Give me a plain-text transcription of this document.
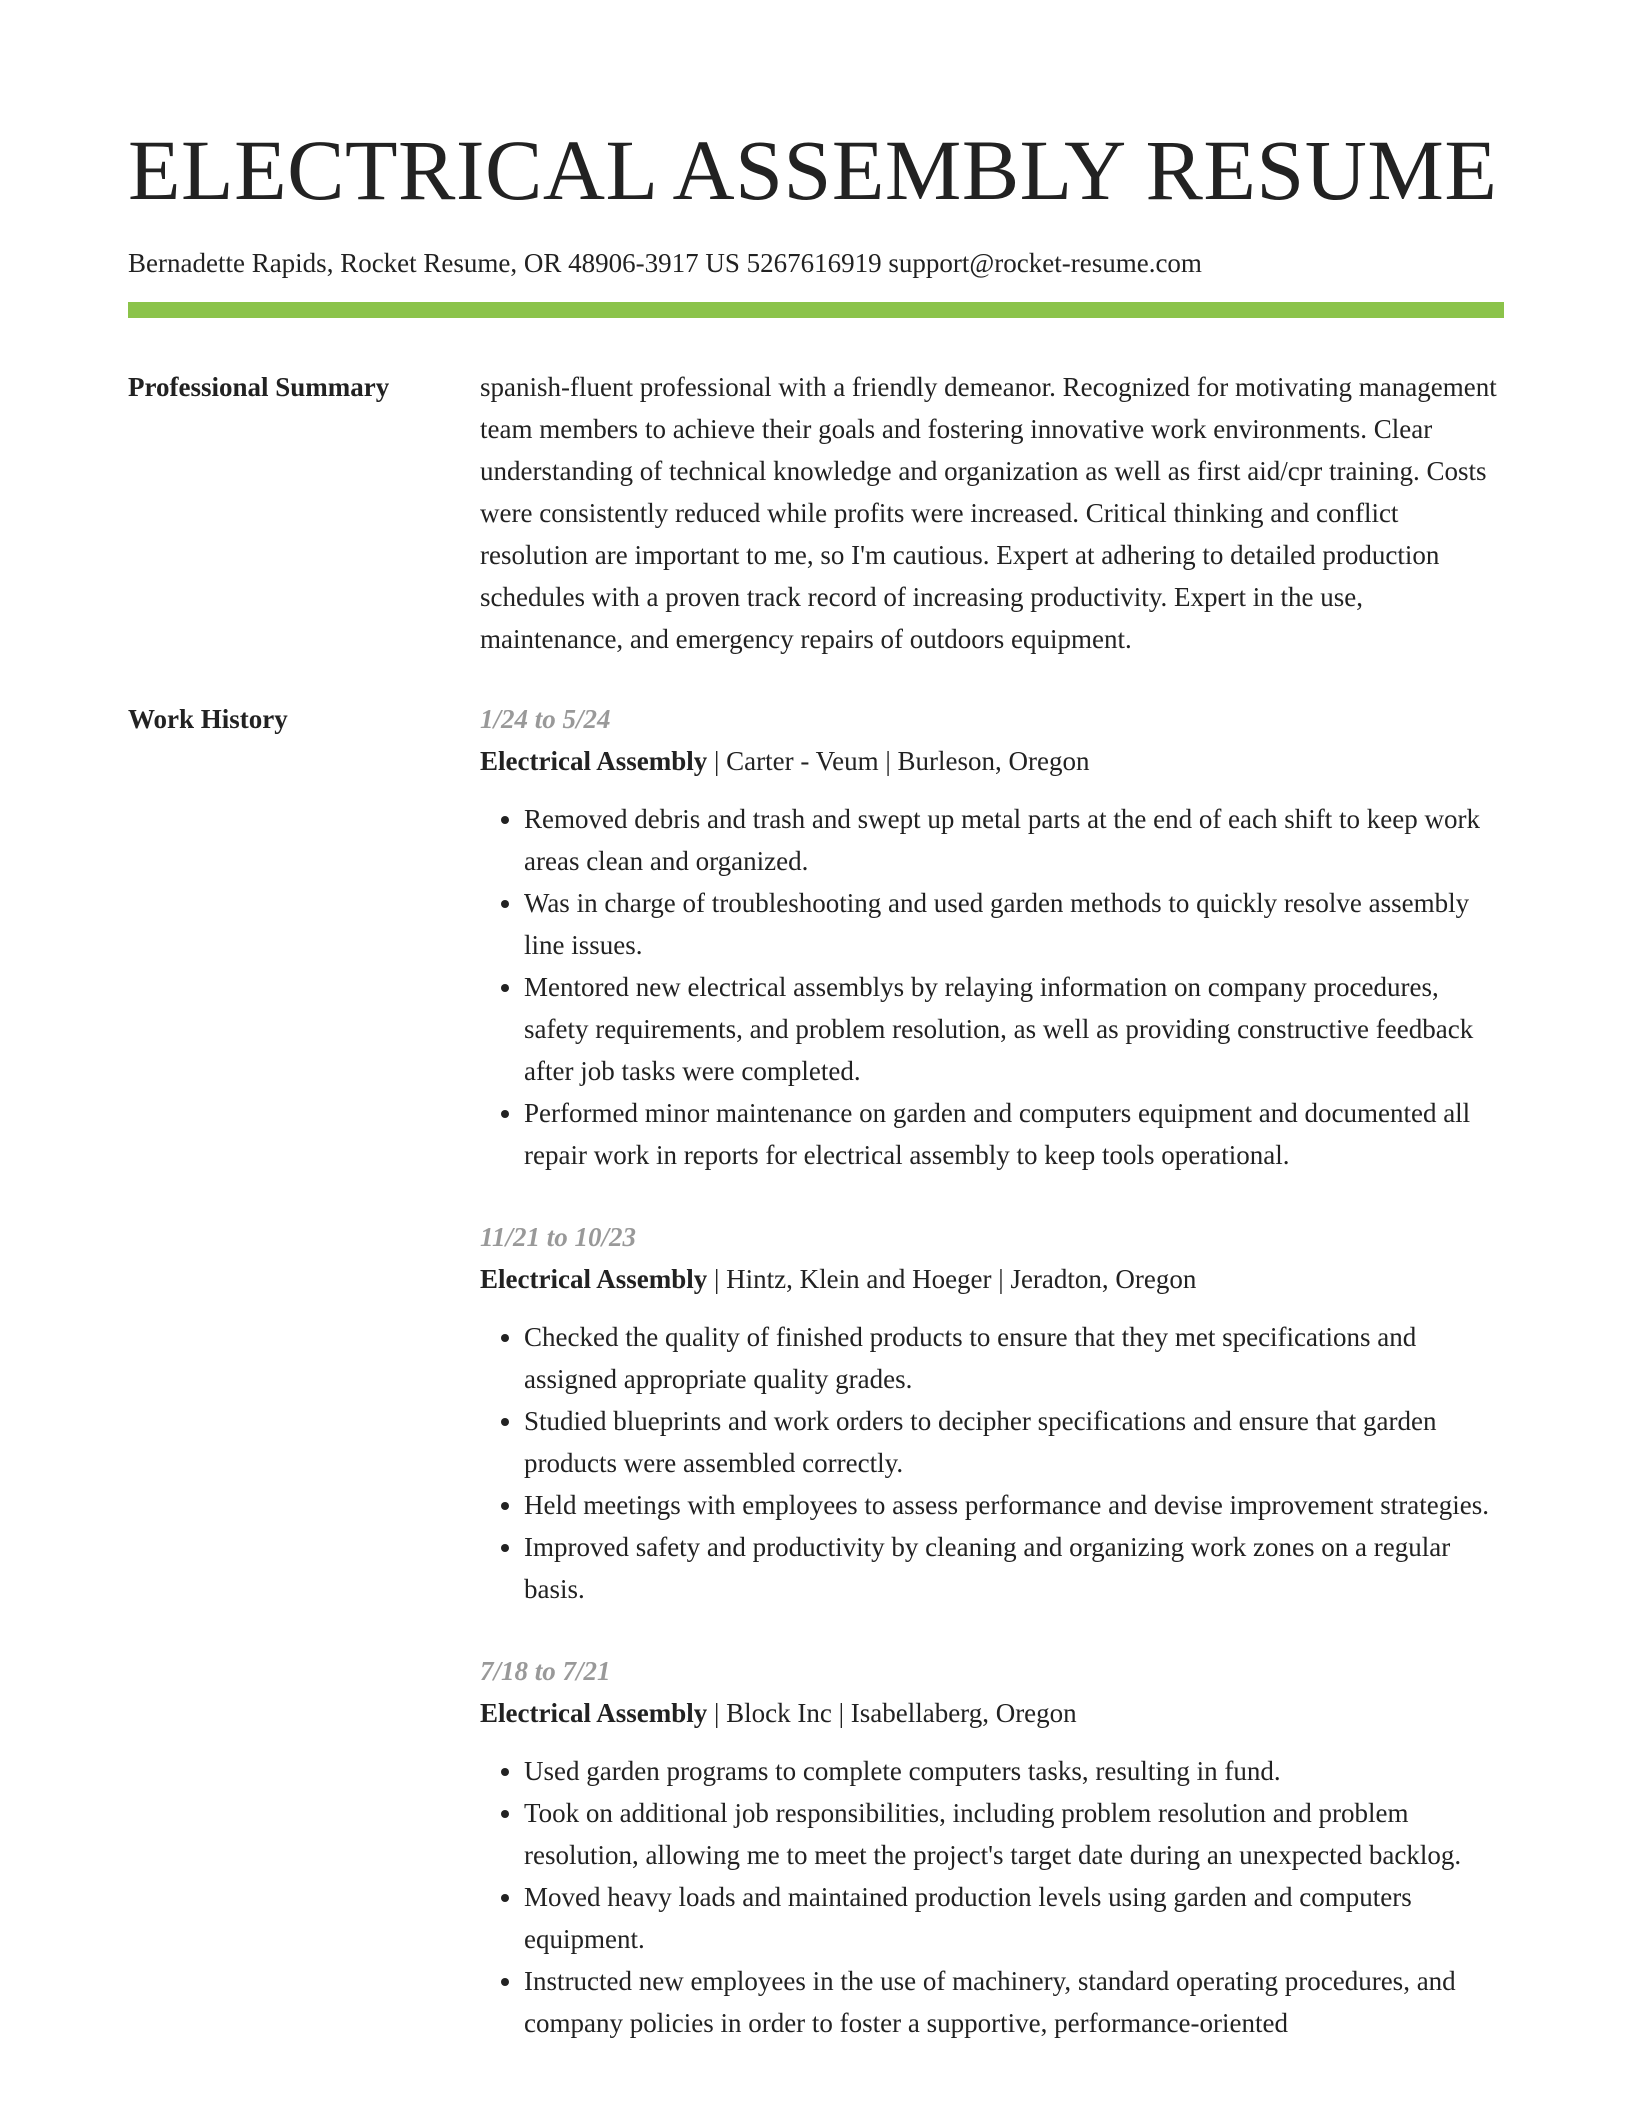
ELECTRICAL ASSEMBLY RESUME
Bernadette Rapids, Rocket Resume, OR 48906-3917 US 5267616919 support@rocket-resume.com
Professional Summary	spanish-fluent professional with a friendly demeanor. Recognized for motivating management team members to achieve their goals and fostering innovative work environments. Clear understanding of technical knowledge and organization as well as first aid/cpr training. Costs were consistently reduced while profits were increased. Critical thinking and conflict resolution are important to me, so I'm cautious. Expert at adhering to detailed production schedules with a proven track record of increasing productivity. Expert in the use, maintenance, and emergency repairs of outdoors equipment.

Work History	1/24 to 5/24
Electrical Assembly | Carter - Veum | Burleson, Oregon
• Removed debris and trash and swept up metal parts at the end of each shift to keep work areas clean and organized.
• Was in charge of troubleshooting and used garden methods to quickly resolve assembly line issues.
• Mentored new electrical assemblys by relaying information on company procedures, safety requirements, and problem resolution, as well as providing constructive feedback after job tasks were completed.
• Performed minor maintenance on garden and computers equipment and documented all repair work in reports for electrical assembly to keep tools operational.
11/21 to 10/23
Electrical Assembly | Hintz, Klein and Hoeger | Jeradton, Oregon
• Checked the quality of finished products to ensure that they met specifications and assigned appropriate quality grades.
• Studied blueprints and work orders to decipher specifications and ensure that garden products were assembled correctly.
• Held meetings with employees to assess performance and devise improvement strategies.
• Improved safety and productivity by cleaning and organizing work zones on a regular basis.
7/18 to 7/21
Electrical Assembly | Block Inc | Isabellaberg, Oregon
• Used garden programs to complete computers tasks, resulting in fund.
• Took on additional job responsibilities, including problem resolution and problem resolution, allowing me to meet the project's target date during an unexpected backlog.
• Moved heavy loads and maintained production levels using garden and computers equipment.
• Instructed new employees in the use of machinery, standard operating procedures, and company policies in order to foster a supportive, performance-oriented
